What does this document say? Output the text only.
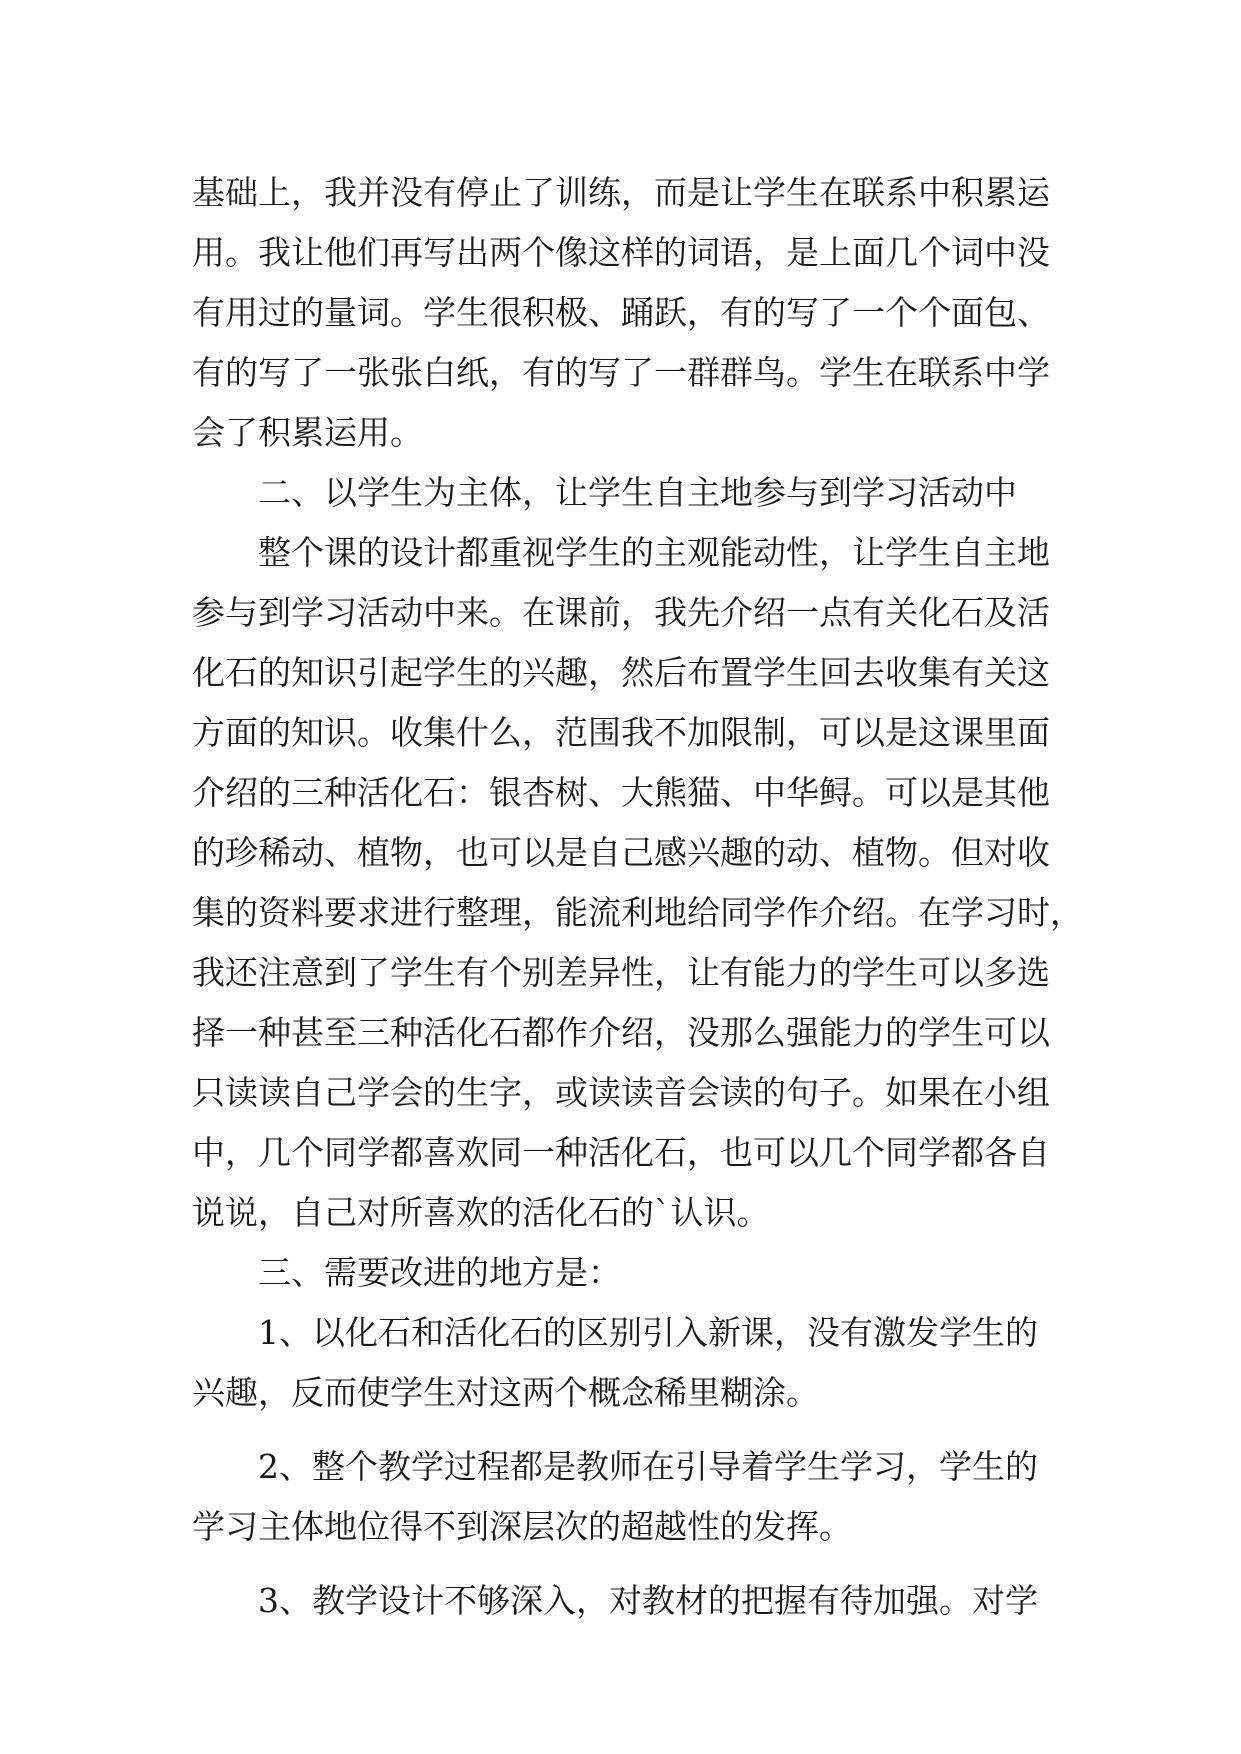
基础上，我并没有停止了训练，而是让学生在联系中积累运
用。我让他们再写出两个像这样的词语，是上面几个词中没
有用过的量词。学生很积极、踊跃，有的写了一个个面包、
有的写了一张张白纸，有的写了一群群鸟。学生在联系中学
会了积累运用。
二、以学生为主体，让学生自主地参与到学习活动中
整个课的设计都重视学生的主观能动性，让学生自主地
参与到学习活动中来。在课前，我先介绍一点有关化石及活
化石的知识引起学生的兴趣，然后布置学生回去收集有关这
方面的知识。收集什么，范围我不加限制，可以是这课里面
介绍的三种活化石：银杏树、大熊猫、中华鲟。可以是其他
的珍稀动、植物，也可以是自己感兴趣的动、植物。但对收
集的资料要求进行整理，能流利地给同学作介绍。在学习时，
我还注意到了学生有个别差异性，让有能力的学生可以多选
择一种甚至三种活化石都作介绍，没那么强能力的学生可以
只读读自己学会的生字，或读读音会读的句子。如果在小组
中，几个同学都喜欢同一种活化石，也可以几个同学都各自
说说，自己对所喜欢的活化石的`认识。
三、需要改进的地方是：
1、以化石和活化石的区别引入新课，没有激发学生的
兴趣，反而使学生对这两个概念稀里糊涂。
2、整个教学过程都是教师在引导着学生学习，学生的
学习主体地位得不到深层次的超越性的发挥。
3、教学设计不够深入，对教材的把握有待加强。对学
